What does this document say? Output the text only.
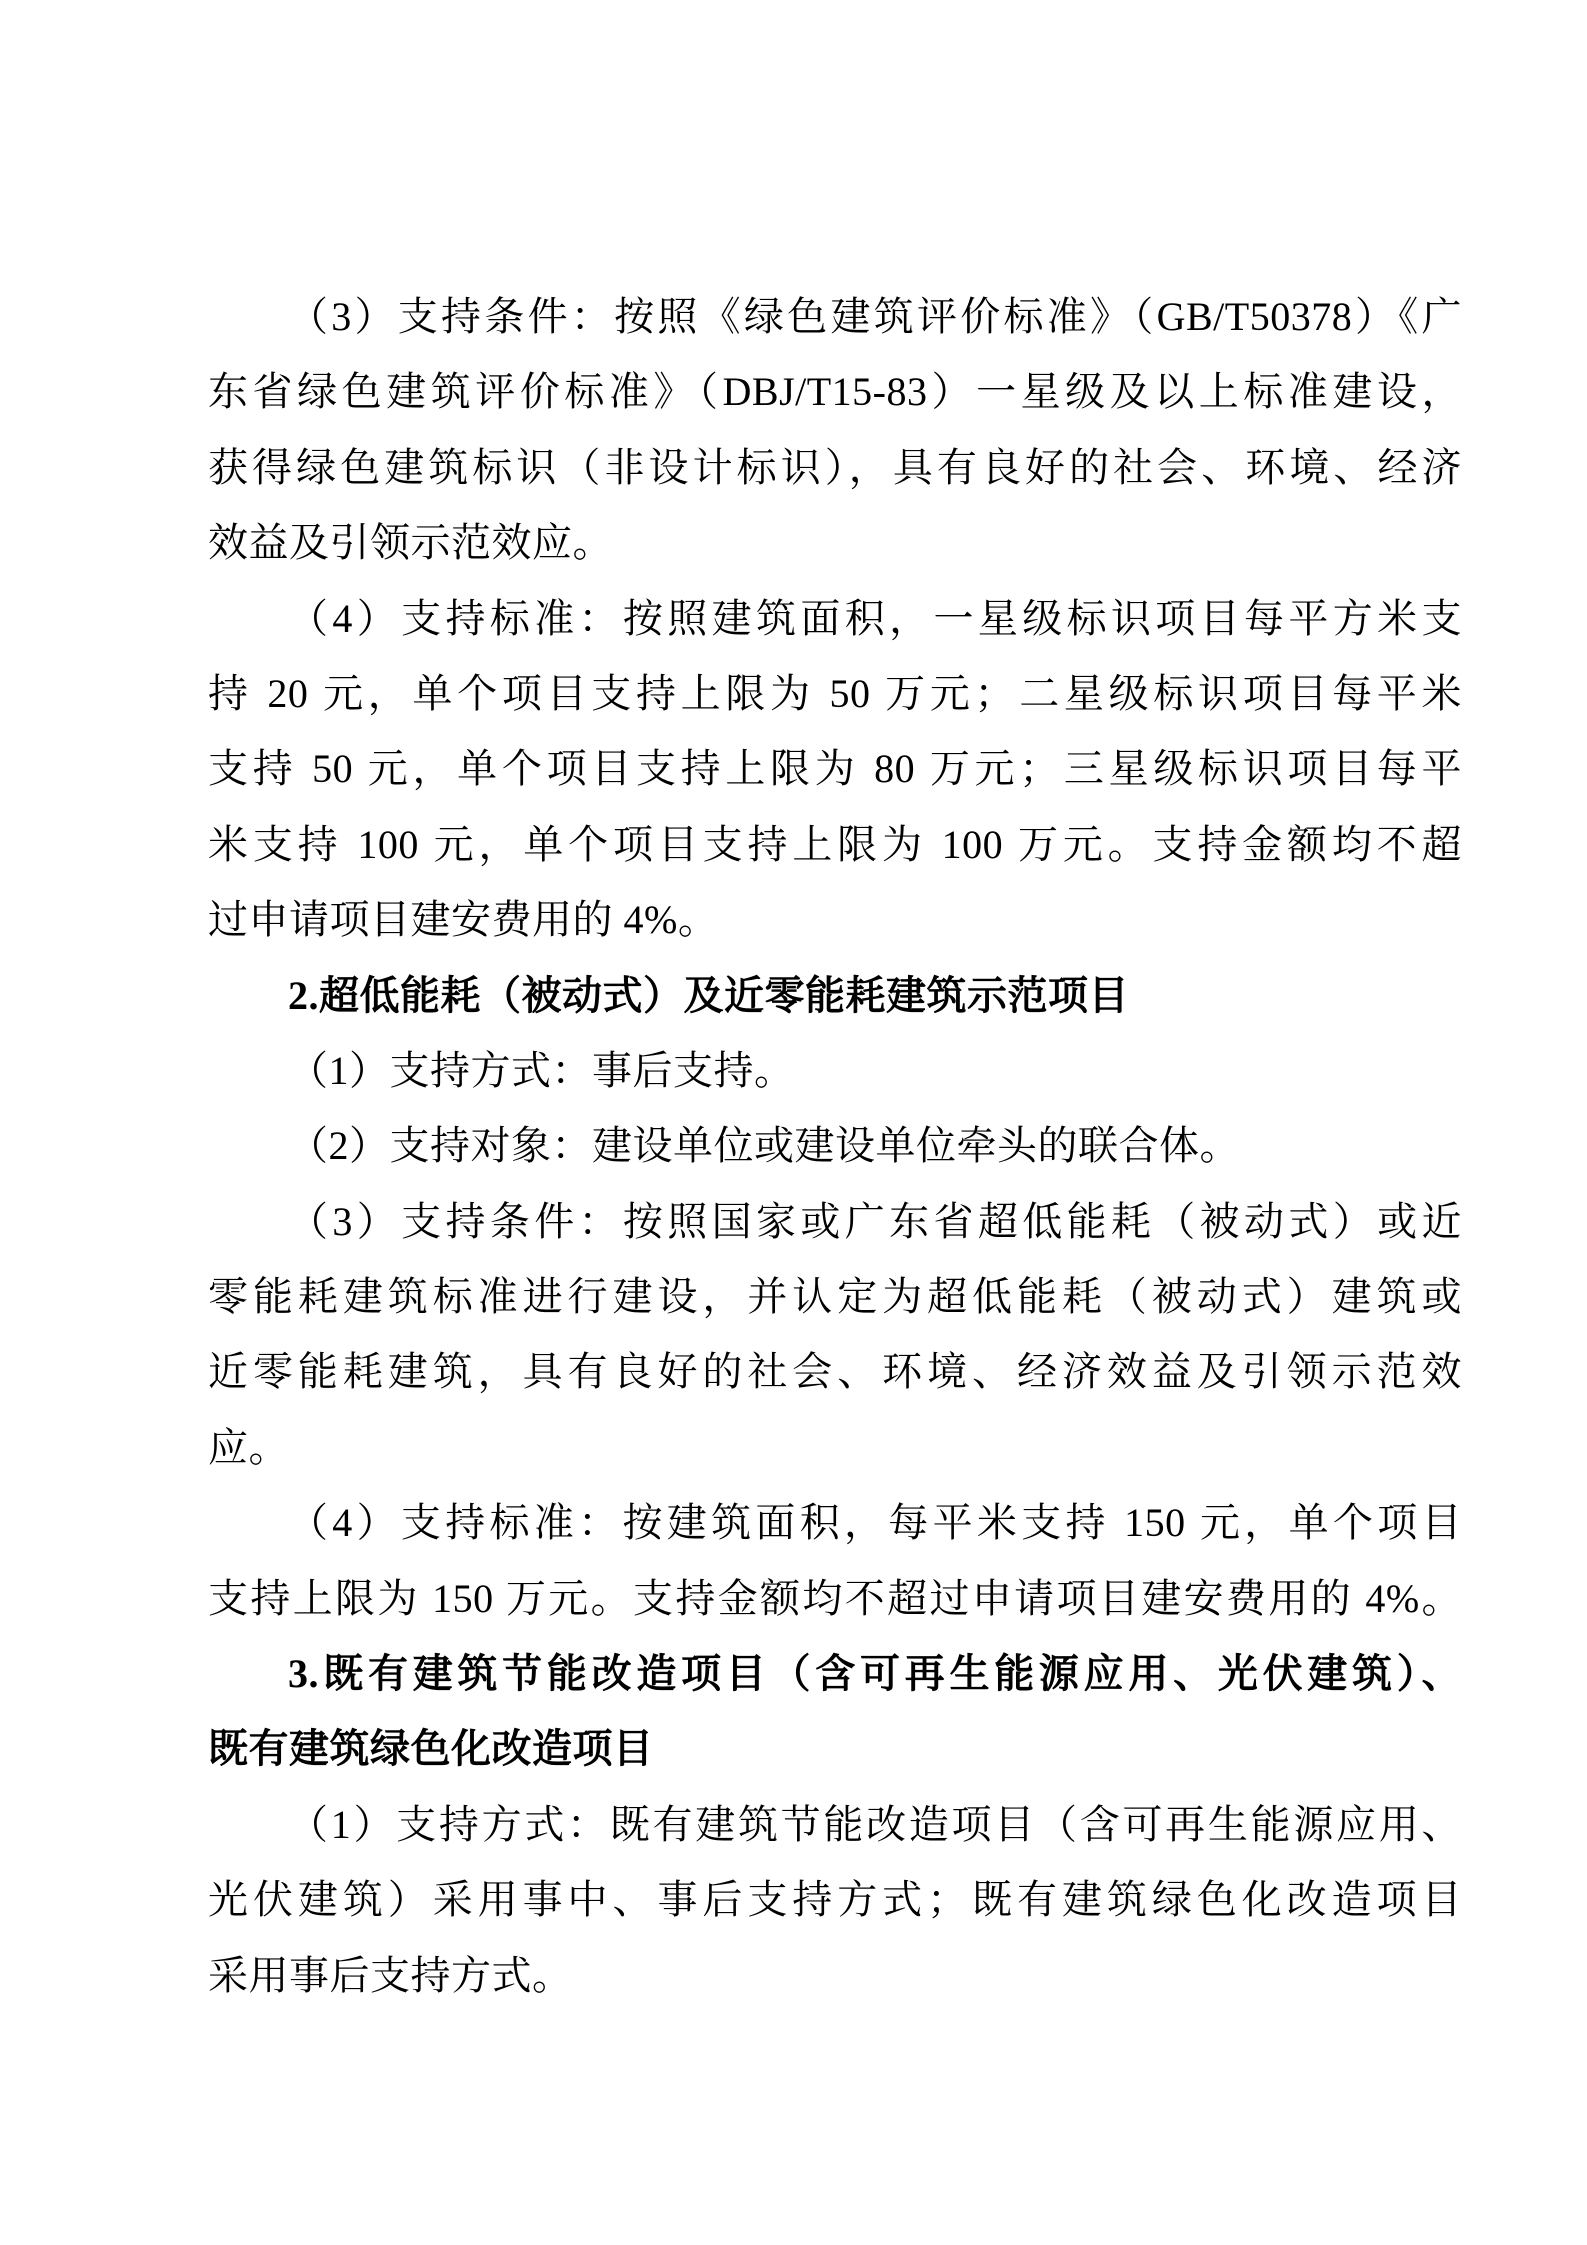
（3）支持条件：按照《绿色建筑评价标准》（GB/T50378）《广
东省绿色建筑评价标准》（DBJ/T15-83）一星级及以上标准建设，
获得绿色建筑标识（非设计标识），具有良好的社会、环境、经济
效益及引领示范效应。
（4）支持标准：按照建筑面积，一星级标识项目每平方米支
持 20 元，单个项目支持上限为 50 万元；二星级标识项目每平米
支持 50 元，单个项目支持上限为 80 万元；三星级标识项目每平
米支持 100 元，单个项目支持上限为 100 万元。支持金额均不超
过申请项目建安费用的 4%。
2.超低能耗（被动式）及近零能耗建筑示范项目
（1）支持方式：事后支持。
（2）支持对象：建设单位或建设单位牵头的联合体。
（3）支持条件：按照国家或广东省超低能耗（被动式）或近
零能耗建筑标准进行建设，并认定为超低能耗（被动式）建筑或
近零能耗建筑，具有良好的社会、环境、经济效益及引领示范效
应。
（4）支持标准：按建筑面积，每平米支持 150 元，单个项目
支持上限为 150 万元。支持金额均不超过申请项目建安费用的 4%。
3.既有建筑节能改造项目（含可再生能源应用、光伏建筑）、
既有建筑绿色化改造项目
（1）支持方式：既有建筑节能改造项目（含可再生能源应用、
光伏建筑）采用事中、事后支持方式；既有建筑绿色化改造项目
采用事后支持方式。
